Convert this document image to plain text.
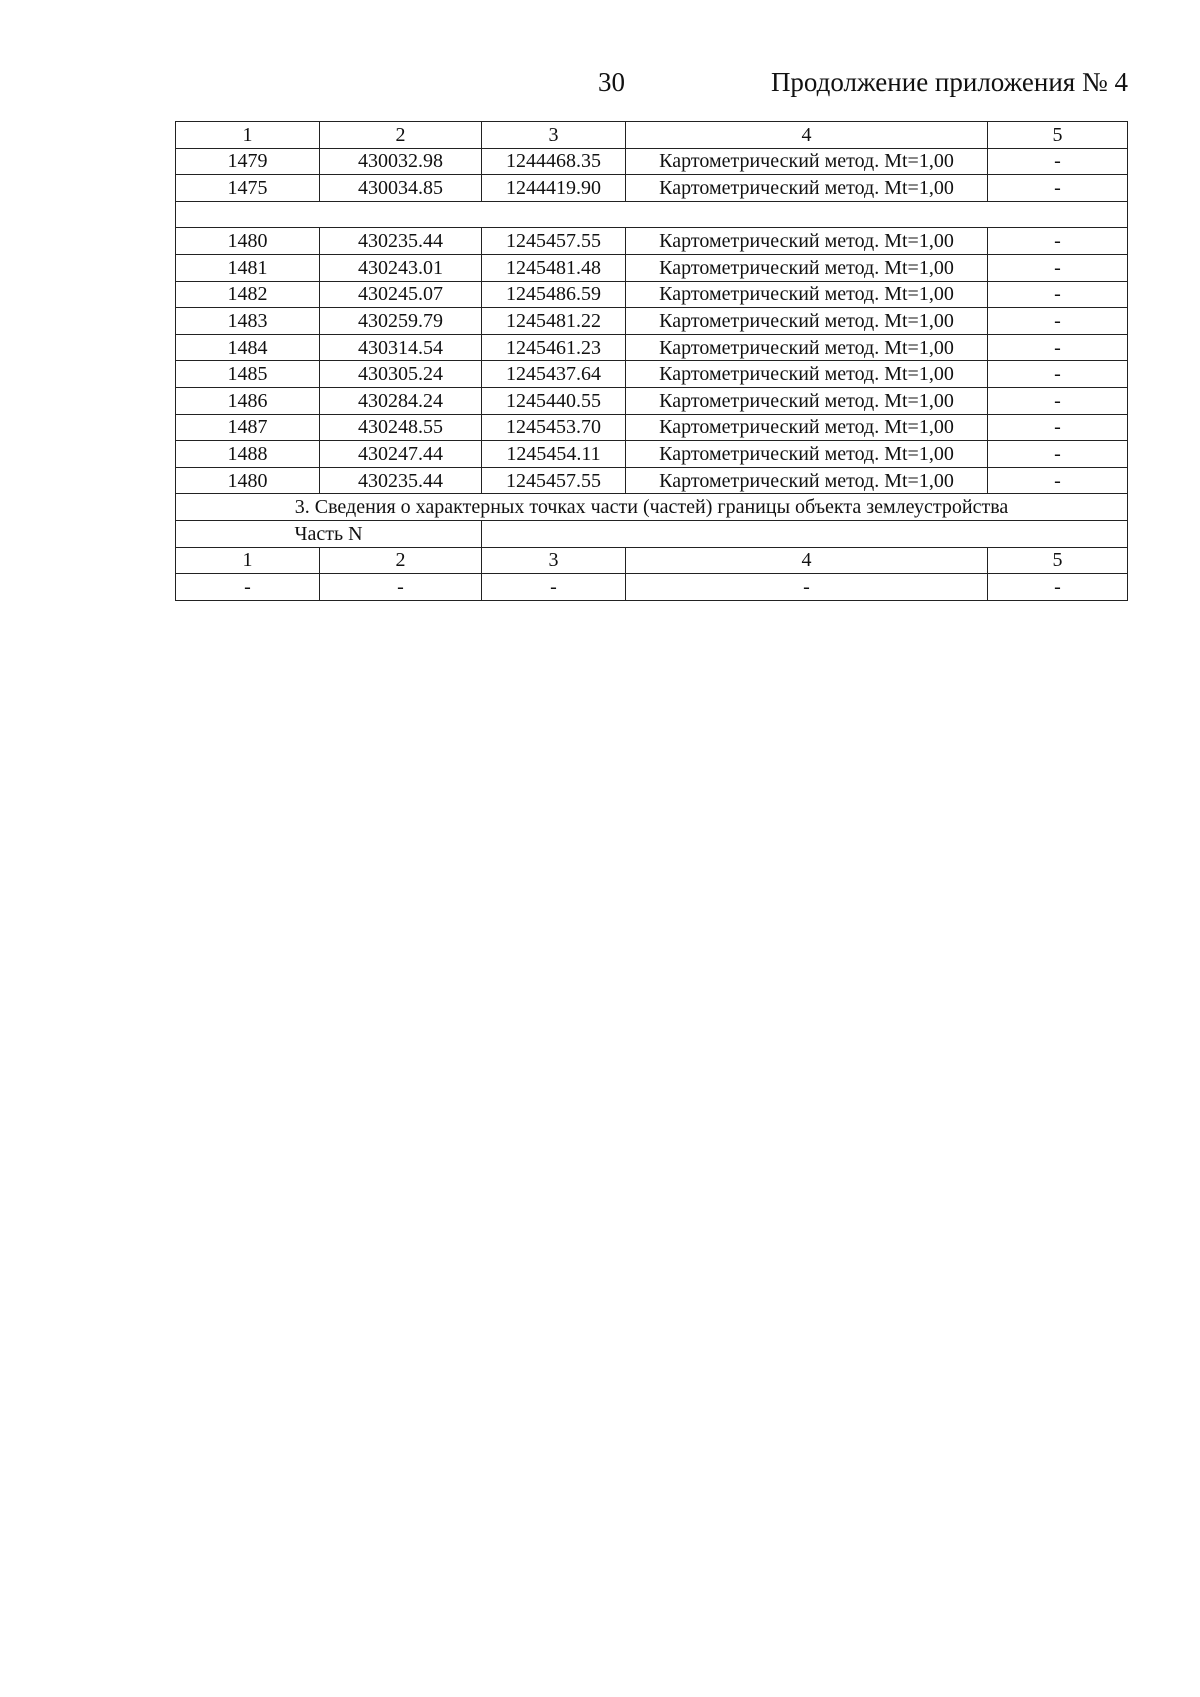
30	Продолжение приложения № 4
1	2	3	4	5
1479	430032.98	1244468.35	Картометрический метод. Mt=1,00	-
1475	430034.85	1244419.90	Картометрический метод. Mt=1,00	-

1480	430235.44	1245457.55	Картометрический метод. Mt=1,00	-
1481	430243.01	1245481.48	Картометрический метод. Mt=1,00	-
1482	430245.07	1245486.59	Картометрический метод. Mt=1,00	-
1483	430259.79	1245481.22	Картометрический метод. Mt=1,00	-
1484	430314.54	1245461.23	Картометрический метод. Mt=1,00	-
1485	430305.24	1245437.64	Картометрический метод. Mt=1,00	-
1486	430284.24	1245440.55	Картометрический метод. Mt=1,00	-
1487	430248.55	1245453.70	Картометрический метод. Mt=1,00	-
1488	430247.44	1245454.11	Картометрический метод. Mt=1,00	-
1480	430235.44	1245457.55	Картометрический метод. Mt=1,00	-
3. Сведения о характерных точках части (частей) границы объекта землеустройства				
Часть N				
1	2	3	4	5
-	-	-	-	-
